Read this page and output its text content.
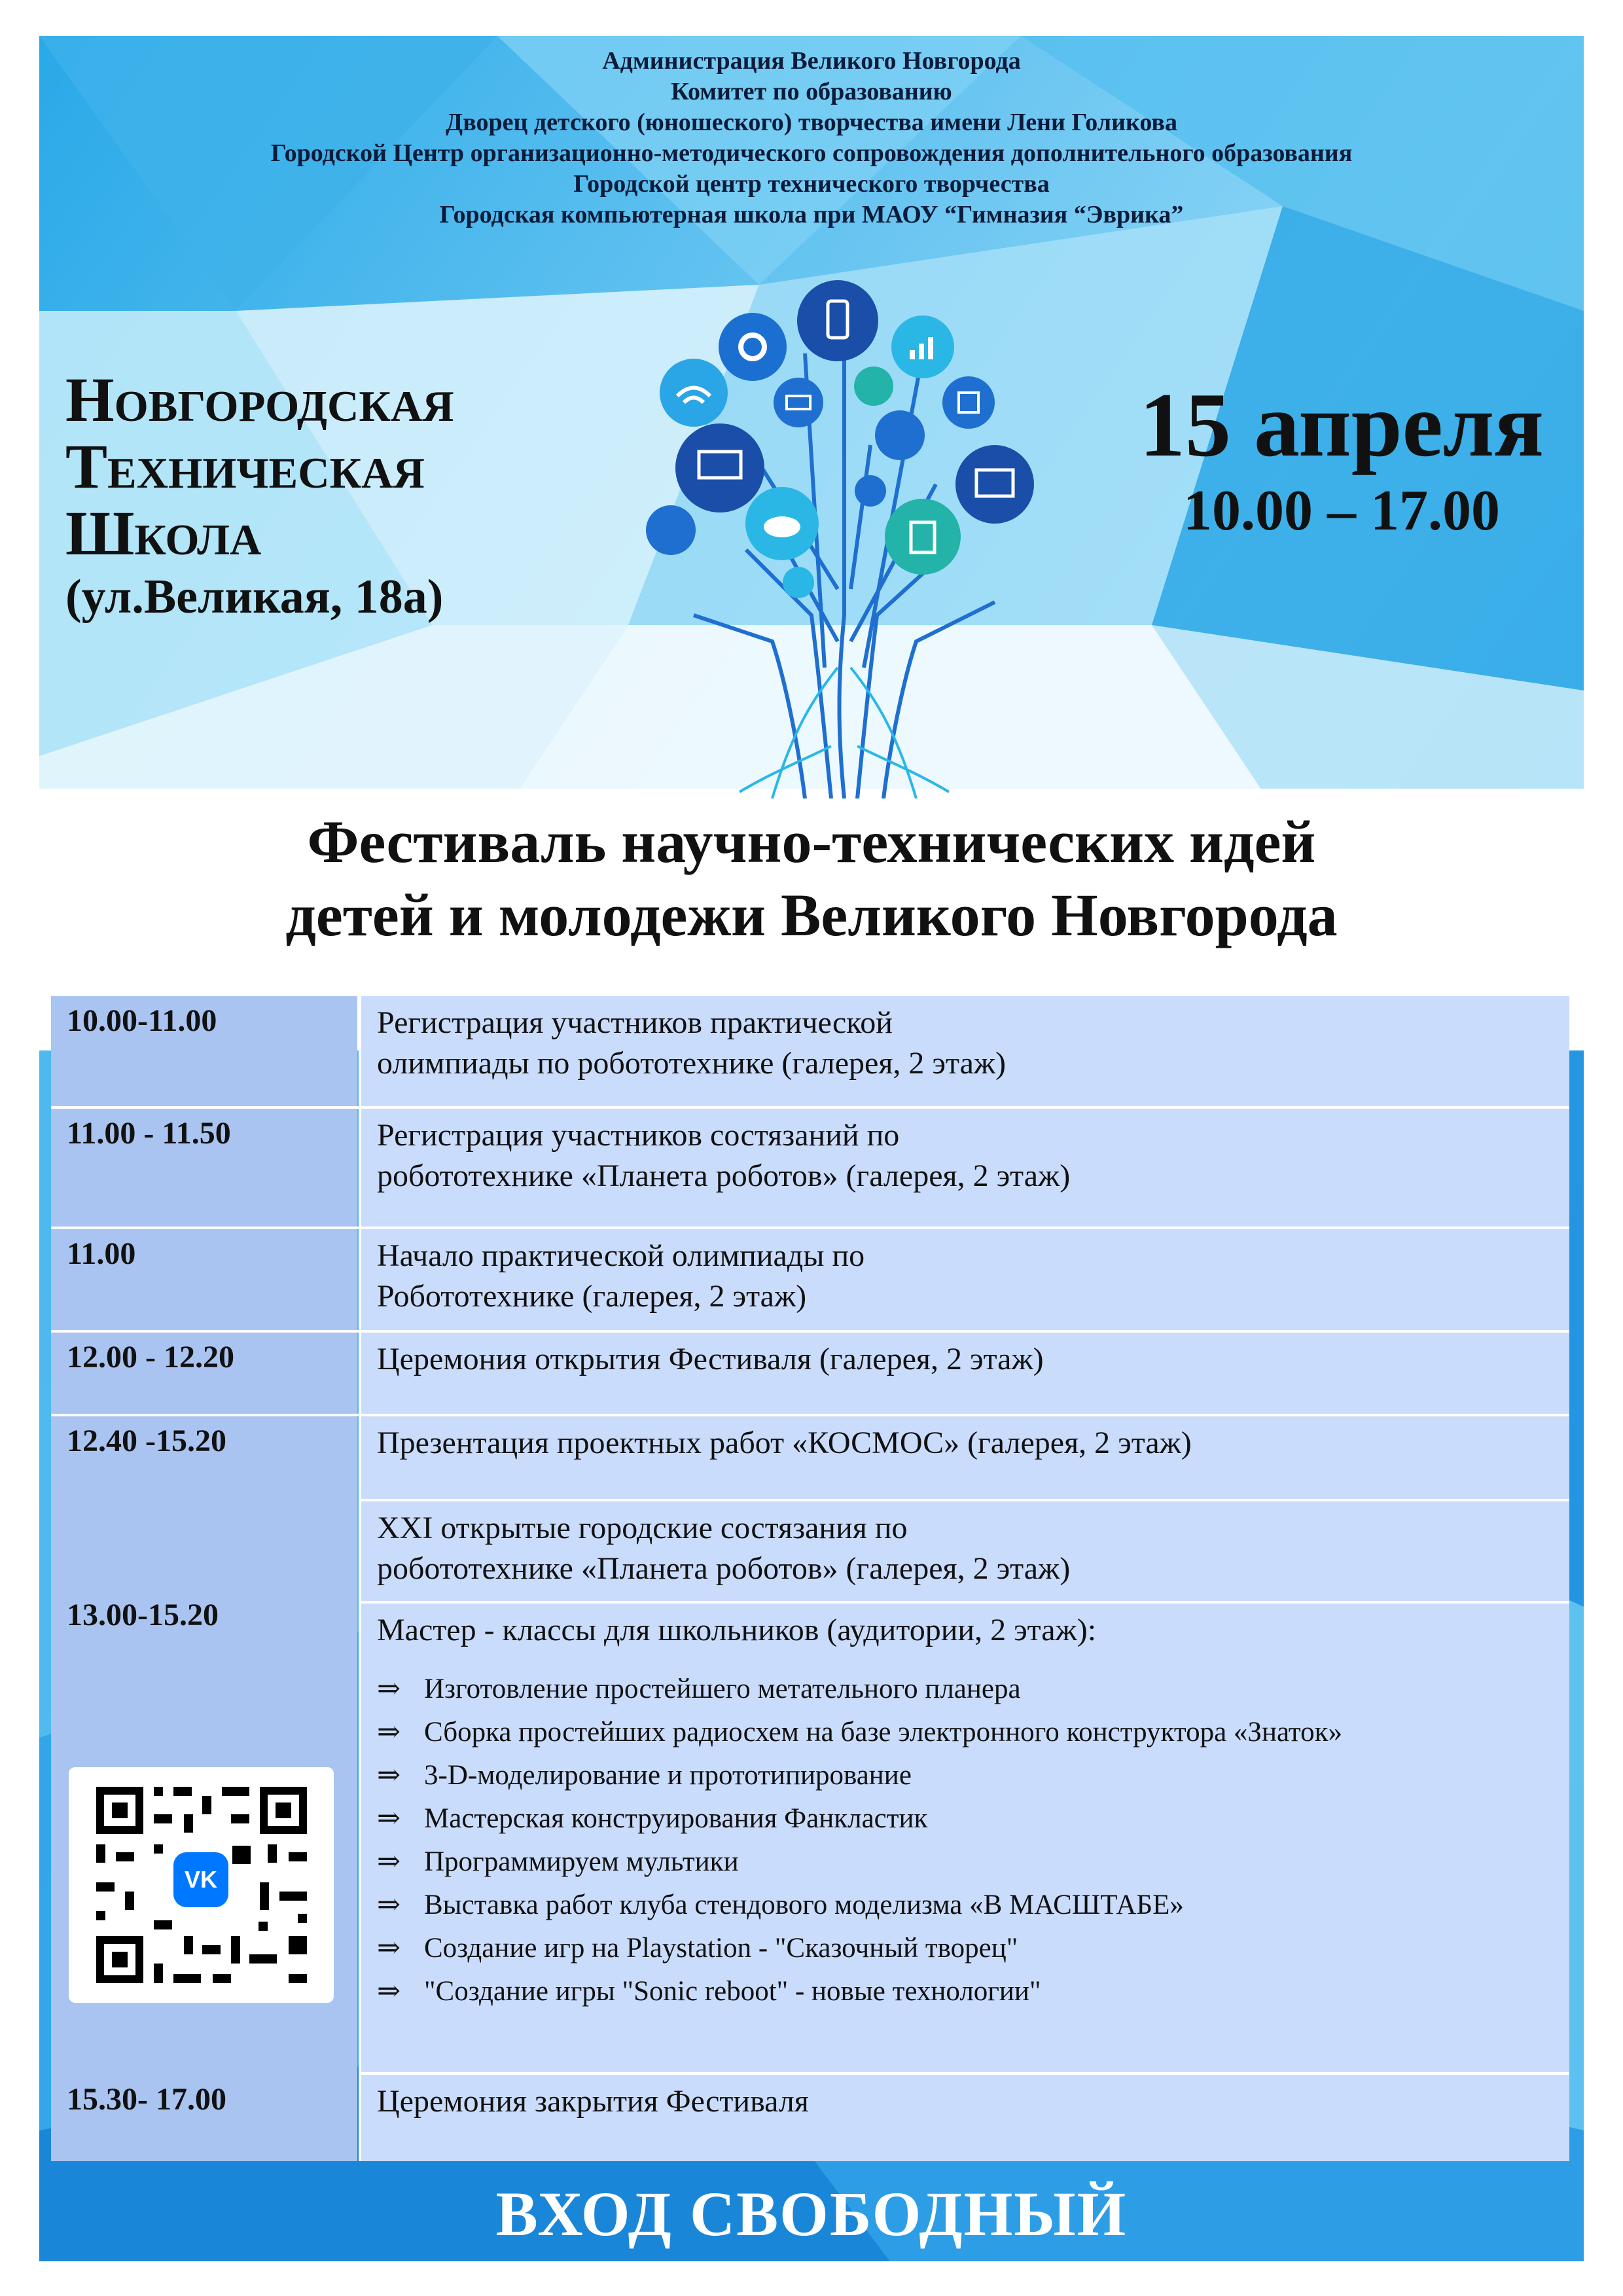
Администрация Великого Новгорода
Комитет по образованию
Дворец детского (юношеского) творчества имени Лени Голикова
Городской Центр организационно-методического сопровождения дополнительного образования
Городской центр технического творчества
Городская компьютерная школа при МАОУ “Гимназия “Эврика”
Новгородская
Техническая
Школа
(ул.Великая, 18а)
15 апреля
10.00 – 17.00
Фестиваль научно-технических идей
детей и молодежи Великого Новгорода
10.00-11.00	Регистрация участников практической
олимпиады по робототехнике (галерея, 2 этаж)
11.00 - 11.50	Регистрация участников состязаний по
робототехнике «Планета роботов» (галерея, 2 этаж)
11.00	Начало практической олимпиады по
Робототехнике (галерея, 2 этаж)
12.00 - 12.20	Церемония открытия Фестиваля (галерея, 2 этаж)
12.40 -15.20	Презентация проектных работ «КОСМОС» (галерея, 2 этаж)
XXI открытые городские состязания по
робототехнике «Планета роботов» (галерея, 2 этаж)
13.00-15.20	Мастер - классы для школьников (аудитории, 2 этаж):
⇒ Изготовление простейшего метательного планера
⇒ Сборка простейших радиосхем на базе электронного конструктора «Знаток»
⇒ 3-D-моделирование и прототипирование
⇒ Мастерская конструирования Фанкластик
⇒ Программируем мультики
⇒ Выставка работ клуба стендового моделизма «В МАСШТАБЕ»
⇒ Создание игр на Playstation - "Сказочный творец"
⇒ "Создание игры "Sonic reboot" - новые технологии"
15.30- 17.00	Церемония закрытия Фестиваля
VK
ВХОД СВОБОДНЫЙ
